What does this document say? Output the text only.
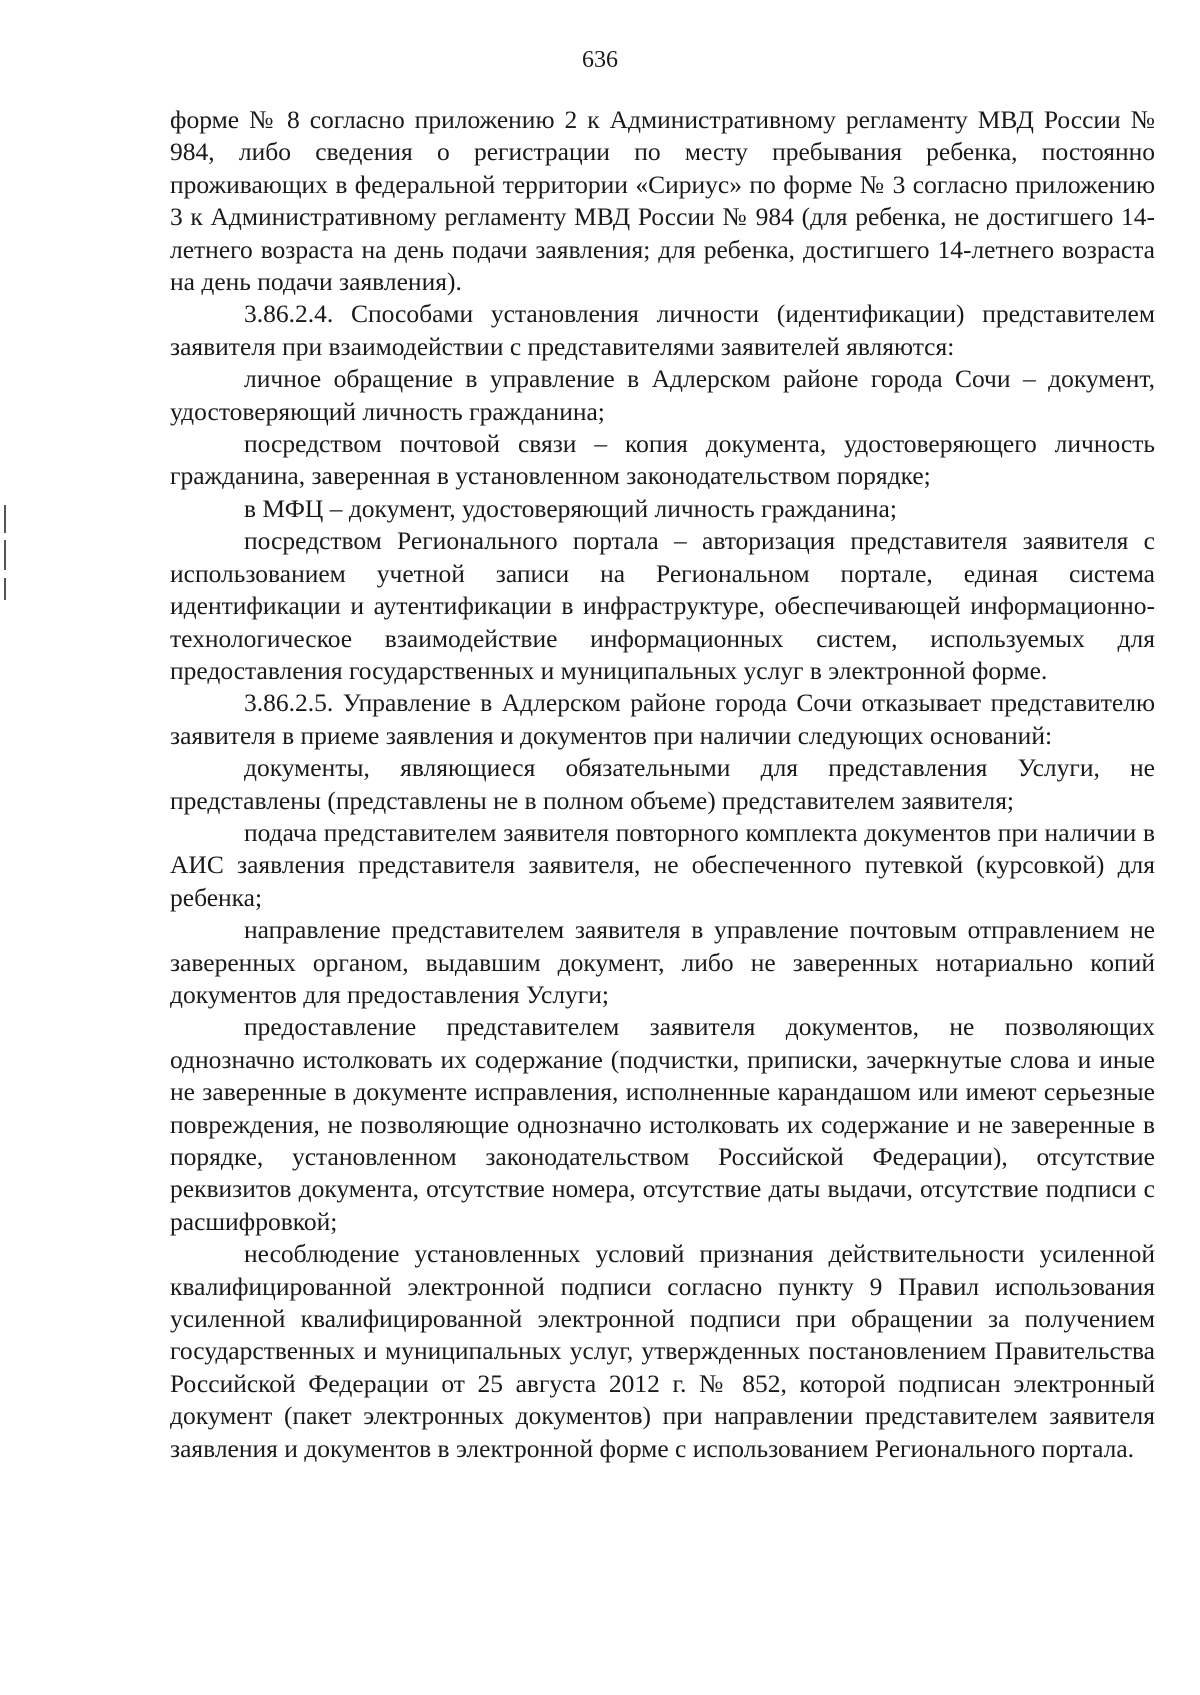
636

форме № 8 согласно приложению 2 к Административному регламенту МВД России № 984, либо сведения о регистрации по месту пребывания ребенка, постоянно проживающих в федеральной территории «Сириус» по форме № 3 согласно приложению 3 к Административному регламенту МВД России № 984 (для ребенка, не достигшего 14-летнего возраста на день подачи заявления; для ребенка, достигшего 14-летнего возраста на день подачи заявления).

3.86.2.4. Способами установления личности (идентификации) представителем заявителя при взаимодействии с представителями заявителей являются:

личное обращение в управление в Адлерском районе города Сочи – документ, удостоверяющий личность гражданина;

посредством почтовой связи – копия документа, удостоверяющего личность гражданина, заверенная в установленном законодательством порядке;

в МФЦ – документ, удостоверяющий личность гражданина;

посредством Регионального портала – авторизация представителя заявителя с использованием учетной записи на Региональном портале, единая система идентификации и аутентификации в инфраструктуре, обеспечивающей информационно-технологическое взаимодействие информационных систем, используемых для предоставления государственных и муниципальных услуг в электронной форме.

3.86.2.5. Управление в Адлерском районе города Сочи отказывает представителю заявителя в приеме заявления и документов при наличии следующих оснований:

документы, являющиеся обязательными для представления Услуги, не представлены (представлены не в полном объеме) представителем заявителя;

подача представителем заявителя повторного комплекта документов при наличии в АИС заявления представителя заявителя, не обеспеченного путевкой (курсовкой) для ребенка;

направление представителем заявителя в управление почтовым отправлением не заверенных органом, выдавшим документ, либо не заверенных нотариально копий документов для предоставления Услуги;

предоставление представителем заявителя документов, не позволяющих однозначно истолковать их содержание (подчистки, приписки, зачеркнутые слова и иные не заверенные в документе исправления, исполненные карандашом или имеют серьезные повреждения, не позволяющие однозначно истолковать их содержание и не заверенные в порядке, установленном законодательством Российской Федерации), отсутствие реквизитов документа, отсутствие номера, отсутствие даты выдачи, отсутствие подписи с расшифровкой;

несоблюдение установленных условий признания действительности усиленной квалифицированной электронной подписи согласно пункту 9 Правил использования усиленной квалифицированной электронной подписи при обращении за получением государственных и муниципальных услуг, утвержденных постановлением Правительства Российской Федерации от 25 августа 2012 г. № 852, которой подписан электронный документ (пакет электронных документов) при направлении представителем заявителя заявления и документов в электронной форме с использованием Регионального портала.
